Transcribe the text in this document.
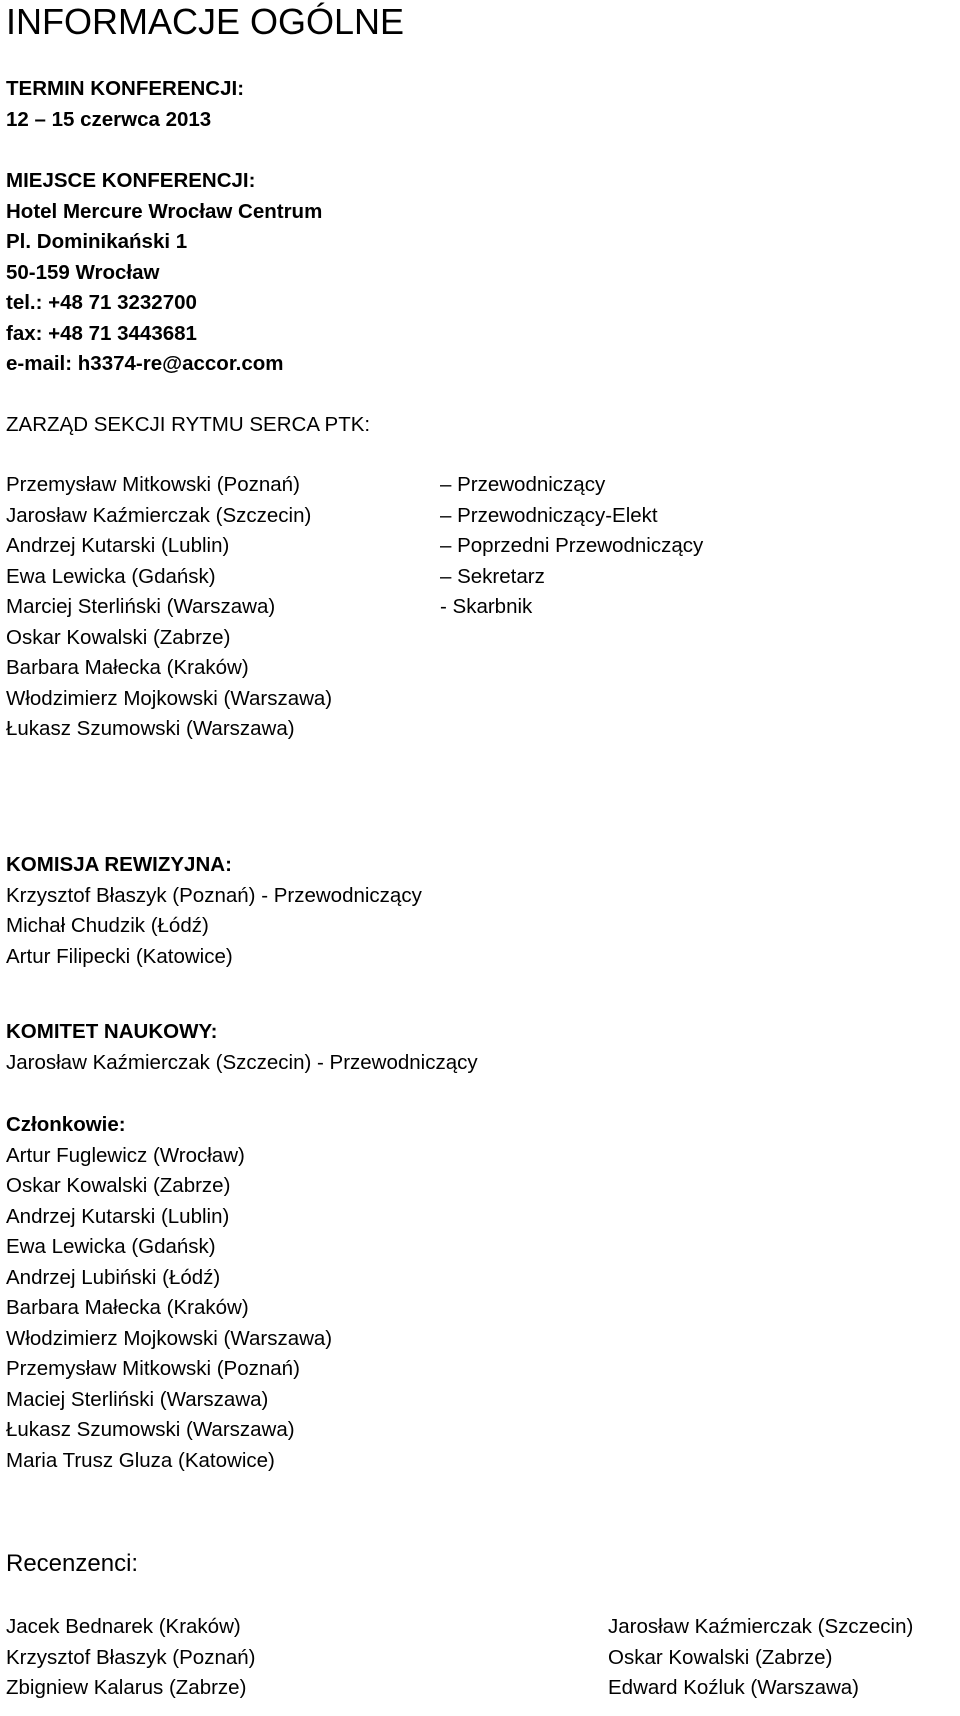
INFORMACJE OGÓLNE
TERMIN KONFERENCJI:
12 – 15 czerwca 2013
MIEJSCE KONFERENCJI:
Hotel Mercure Wrocław Centrum
Pl. Dominikański 1
50-159 Wrocław
tel.: +48 71 3232700
fax: +48 71 3443681
e-mail: h3374-re@accor.com
ZARZĄD SEKCJI RYTMU SERCA PTK:
Przemysław Mitkowski (Poznań)
Jarosław Kaźmierczak (Szczecin)
Andrzej Kutarski (Lublin)
Ewa Lewicka (Gdańsk)
Marciej Sterliński (Warszawa)
Oskar Kowalski (Zabrze)
Barbara Małecka (Kraków)
Włodzimierz Mojkowski (Warszawa)
Łukasz Szumowski (Warszawa)
– Przewodniczący
– Przewodniczący-Elekt
– Poprzedni Przewodniczący
– Sekretarz
- Skarbnik
KOMISJA REWIZYJNA:
Krzysztof Błaszyk (Poznań) - Przewodniczący
Michał Chudzik (Łódź)
Artur Filipecki (Katowice)
KOMITET NAUKOWY:
Jarosław Kaźmierczak (Szczecin) - Przewodniczący
Członkowie:
Artur Fuglewicz (Wrocław)
Oskar Kowalski (Zabrze)
Andrzej Kutarski (Lublin)
Ewa Lewicka (Gdańsk)
Andrzej Lubiński (Łódź)
Barbara Małecka (Kraków)
Włodzimierz Mojkowski (Warszawa)
Przemysław Mitkowski (Poznań)
Maciej Sterliński (Warszawa)
Łukasz Szumowski (Warszawa)
Maria Trusz Gluza (Katowice)
Recenzenci:
Jacek Bednarek (Kraków)
Krzysztof Błaszyk (Poznań)
Zbigniew Kalarus (Zabrze)
Jarosław Kaźmierczak (Szczecin)
Oskar Kowalski (Zabrze)
Edward Koźluk (Warszawa)
